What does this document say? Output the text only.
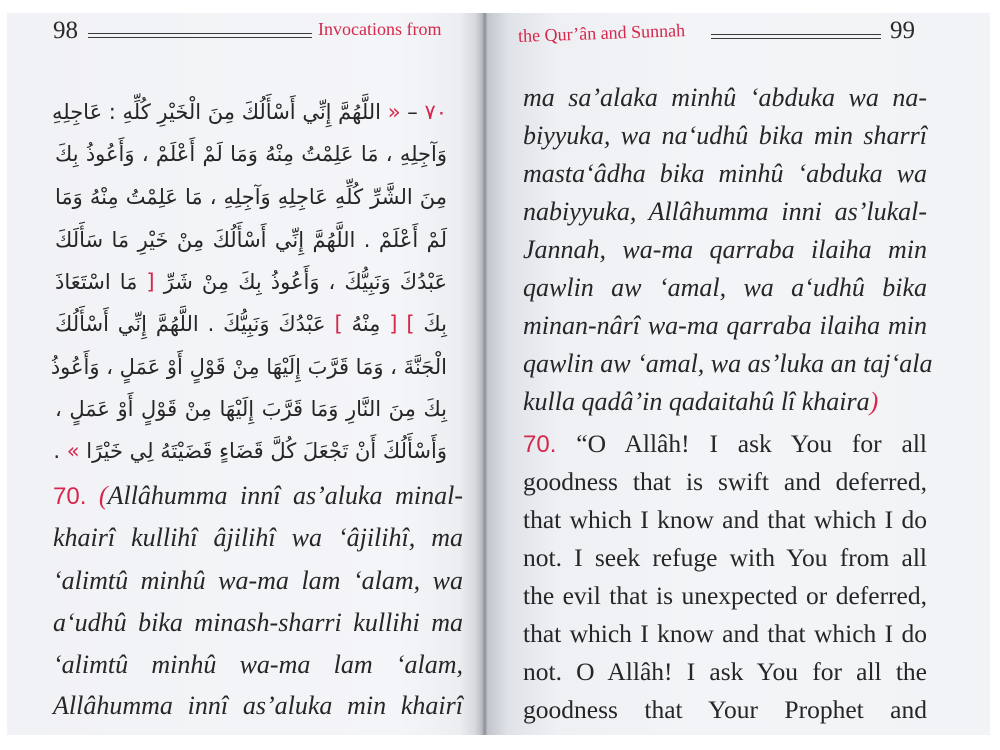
98	Invocations from
٧٠ – « اللَّهُمَّ إِنِّي أَسْأَلُكَ مِنَ الْخَيْرِ كُلِّهِ : عَاجِلِهِ
وَآجِلِهِ ، مَا عَلِمْتُ مِنْهُ وَمَا لَمْ أَعْلَمْ ، وَأَعُوذُ بِكَ
مِنَ الشَّرِّ كُلِّهِ عَاجِلِهِ وَآجِلِهِ ، مَا عَلِمْتُ مِنْهُ وَمَا
لَمْ أَعْلَمْ . اللَّهُمَّ إِنِّي أَسْأَلُكَ مِنْ خَيْرِ مَا سَأَلَكَ
عَبْدُكَ وَنَبِيُّكَ ، وَأَعُوذُ بِكَ مِنْ شَرِّ [ مَا اسْتَعَاذَ
بِكَ ] [ مِنْهُ ] عَبْدُكَ وَنَبِيُّكَ . اللَّهُمَّ إِنِّي أَسْأَلُكَ
الْجَنَّةَ ، وَمَا قَرَّبَ إِلَيْهَا مِنْ قَوْلٍ أَوْ عَمَلٍ ، وَأَعُوذُ
بِكَ مِنَ النَّارِ وَمَا قَرَّبَ إِلَيْهَا مِنْ قَوْلٍ أَوْ عَمَلٍ ،
وَأَسْأَلُكَ أَنْ تَجْعَلَ كُلَّ قَضَاءٍ قَضَيْتَهُ لِي خَيْرًا » .
70. (Allâhumma innî as’aluka minal-
khairî kullihî âjilihî wa ‘âjilihî, ma
‘alimtû minhû wa-ma lam ‘alam, wa
a‘udhû bika minash-sharri kullihi ma
‘alimtû minhû wa-ma lam ‘alam,
Allâhumma innî as’aluka min khairî
the Qur’ân and Sunnah	99
ma sa’alaka minhû ‘abduka wa na-
biyyuka, wa na‘udhû bika min sharrî
masta‘âdha bika minhû ‘abduka wa
nabiyyuka, Allâhumma inni as’lukal-
Jannah, wa-ma qarraba ilaiha min
qawlin aw ‘amal, wa a‘udhû bika
minan-nârî wa-ma qarraba ilaiha min
qawlin aw ‘amal, wa as’luka an taj‘ala
kulla qadâ’in qadaitahû lî khaira)
70. “O Allâh! I ask You for all
goodness that is swift and deferred,
that which I know and that which I do
not. I seek refuge with You from all
the evil that is unexpected or deferred,
that which I know and that which I do
not. O Allâh! I ask You for all the
goodness that Your Prophet and
